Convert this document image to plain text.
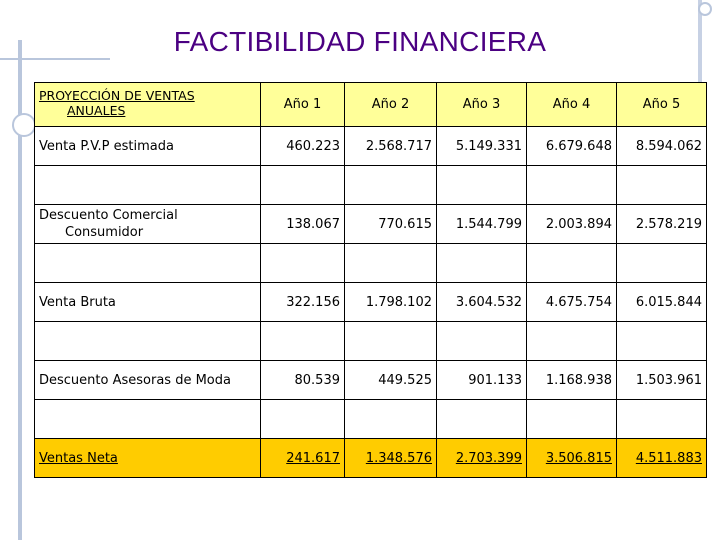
FACTIBILIDAD FINANCIERA
PROYECCIÓN DE VENTAS
ANUALES	Año 1	Año 2	Año 3	Año 4	Año 5
Venta P.V.P estimada	460.223	2.568.717	5.149.331	6.679.648	8.594.062

Descuento Comercial
Consumidor	138.067	770.615	1.544.799	2.003.894	2.578.219

Venta Bruta	322.156	1.798.102	3.604.532	4.675.754	6.015.844

Descuento Asesoras de Moda	80.539	449.525	901.133	1.168.938	1.503.961

Ventas Neta	241.617	1.348.576	2.703.399	3.506.815	4.511.883
